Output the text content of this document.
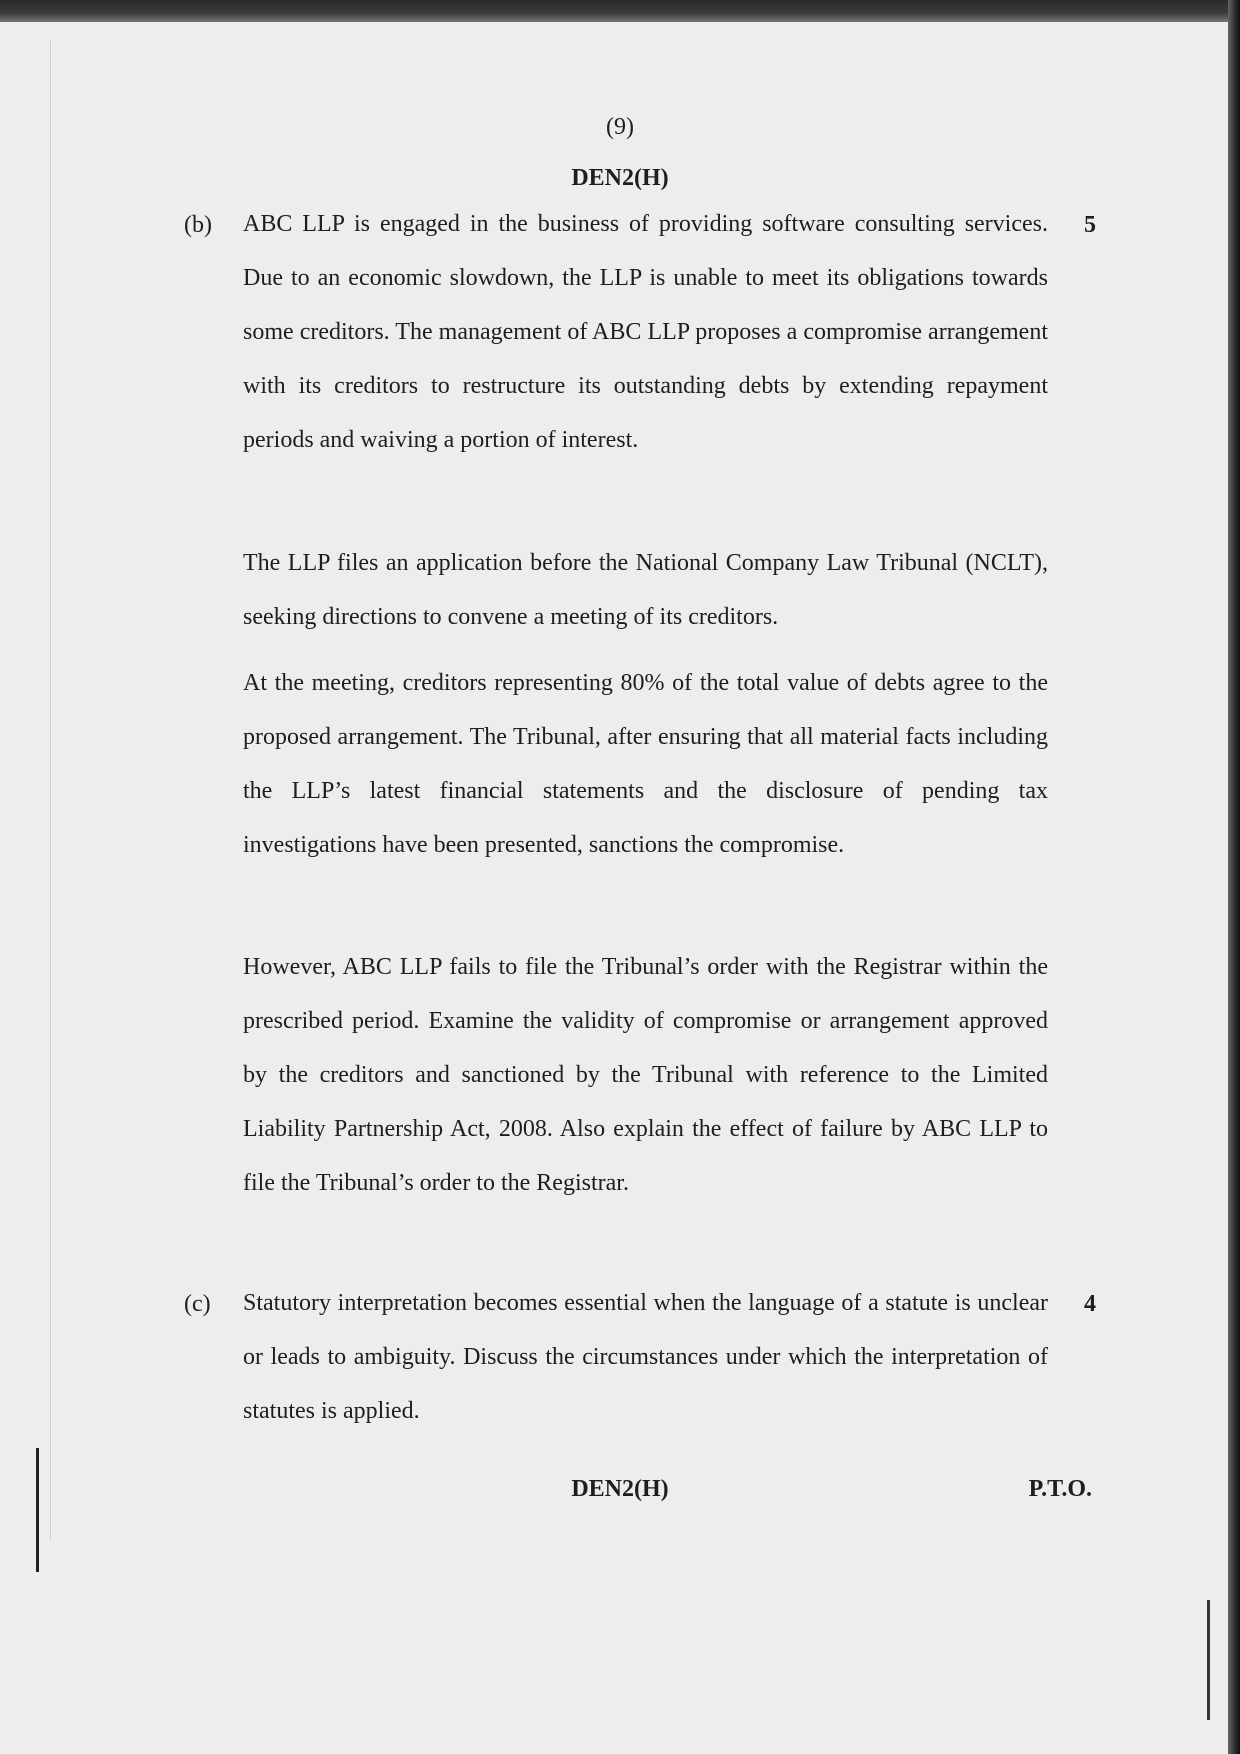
(9)
DEN2(H)
(b)	5

ABC LLP is engaged in the business of providing software consulting services. Due to an economic slowdown, the LLP is unable to meet its obligations towards some creditors. The management of ABC LLP proposes a compromise arrangement with its creditors to restructure its outstanding debts by extending repayment periods and waiving a portion of interest.

The LLP files an application before the National Company Law Tribunal (NCLT), seeking directions to convene a meeting of its creditors.

At the meeting, creditors representing 80% of the total value of debts agree to the proposed arrangement. The Tribunal, after ensuring that all material facts including the LLP’s latest financial statements and the disclosure of pending tax investigations have been presented, sanctions the compromise.

However, ABC LLP fails to file the Tribunal’s order with the Registrar within the prescribed period. Examine the validity of compromise or arrangement approved by the creditors and sanctioned by the Tribunal with reference to the Limited Liability Partnership Act, 2008. Also explain the effect of failure by ABC LLP to file the Tribunal’s order to the Registrar.

(c)	4

Statutory interpretation becomes essential when the language of a statute is unclear or leads to ambiguity. Discuss the circumstances under which the interpretation of statutes is applied.

DEN2(H)	P.T.O.
